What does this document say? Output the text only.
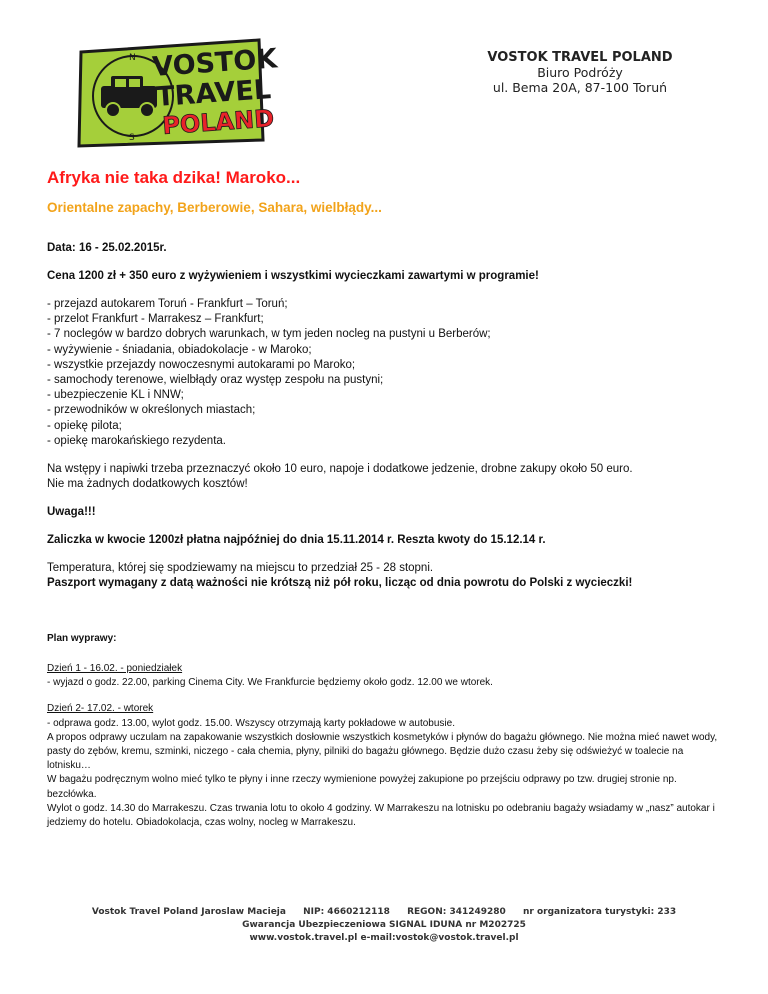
N
S
VOSTOK
TRAVEL
POLAND
VOSTOK TRAVEL POLAND
Biuro Podróży
ul. Bema 20A, 87-100 Toruń
Afryka nie taka dzika! Maroko...
Orientalne zapachy, Berberowie, Sahara, wielbłądy...

Data: 16 - 25.02.2015r.

Cena 1200 zł + 350 euro z wyżywieniem i wszystkimi wycieczkami zawartymi w programie!

- przejazd autokarem Toruń - Frankfurt – Toruń;

- przelot Frankfurt - Marrakesz – Frankfurt;

- 7 noclegów w bardzo dobrych warunkach, w tym jeden nocleg na pustyni u Berberów;

- wyżywienie - śniadania, obiadokolacje - w Maroko;

- wszystkie przejazdy nowoczesnymi autokarami po Maroko;

- samochody terenowe, wielbłądy oraz występ zespołu na pustyni;

- ubezpieczenie KL i NNW;

- przewodników w określonych miastach;

- opiekę pilota;

- opiekę marokańskiego rezydenta.

Na wstępy i napiwki trzeba przeznaczyć około 10 euro, napoje i dodatkowe jedzenie, drobne zakupy około 50 euro.

Nie ma żadnych dodatkowych kosztów!

Uwaga!!!

Zaliczka w kwocie 1200zł płatna najpóźniej do dnia 15.11.2014 r. Reszta kwoty do 15.12.14 r.

Temperatura, której się spodziewamy na miejscu to przedział 25 - 28 stopni.

Paszport wymagany z datą ważności nie krótszą niż pół roku, licząc od dnia powrotu do Polski z wycieczki!

Plan wyprawy:
Dzień 1 - 16.02. - poniedziałek
- wyjazd o godz. 22.00, parking Cinema City. We Frankfurcie będziemy około godz. 12.00 we wtorek.
Dzień 2- 17.02. - wtorek
- odprawa godz. 13.00, wylot godz. 15.00. Wszyscy otrzymają karty pokładowe w autobusie.
A propos odprawy uczulam na zapakowanie wszystkich dosłownie wszystkich kosmetyków i płynów do bagażu głównego. Nie można mieć nawet wody, pasty do zębów, kremu, szminki, niczego - cała chemia, płyny, pilniki do bagażu głównego. Będzie dużo czasu żeby się odświeżyć w toalecie na lotnisku…
W bagażu podręcznym wolno mieć tylko te płyny i inne rzeczy wymienione powyżej zakupione po przejściu odprawy po tzw. drugiej stronie np. bezcłówka.
Wylot o godz. 14.30 do Marrakeszu. Czas trwania lotu to około 4 godziny. W Marrakeszu na lotnisku po odebraniu bagaży wsiadamy w „nasz” autokar i jedziemy do hotelu. Obiadokolacja, czas wolny, nocleg w Marrakeszu.
Vostok Travel Poland Jaroslaw Macieja NIP: 4660212118 REGON: 341249280 nr organizatora turystyki: 233
Gwarancja Ubezpieczeniowa SIGNAL IDUNA nr M202725
www.vostok.travel.pl e-mail:vostok@vostok.travel.pl
